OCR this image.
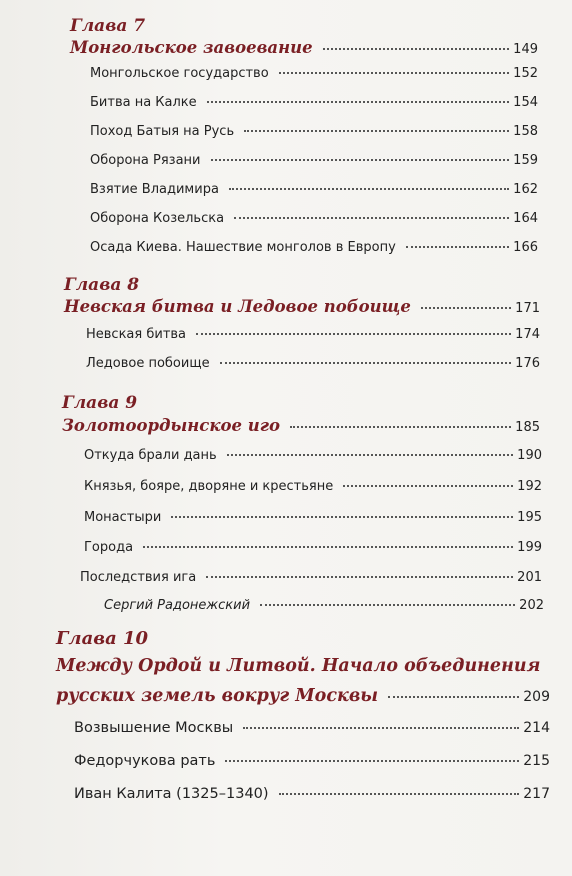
Глава 7
Монгольское завоевание	149
Монгольское государство	152
Битва на Калке	154
Поход Батыя на Русь	158
Оборона Рязани	159
Взятие Владимира	162
Оборона Козельска	164
Осада Киева. Нашествие монголов в Европу	166
Глава 8
Невская битва и Ледовое побоище	171
Невская битва	174
Ледовое побоище	176
Глава 9
Золотоордынское иго	185
Откуда брали дань	190
Князья, бояре, дворяне и крестьяне	192
Монастыри	195
Города	199
Последствия ига	201
Сергий Радонежский	202
Глава 10
Между Ордой и Литвой. Начало объединения
русских земель вокруг Москвы	209
Возвышение Москвы	214
Федорчукова рать	215
Иван Калита (1325–1340)	217
